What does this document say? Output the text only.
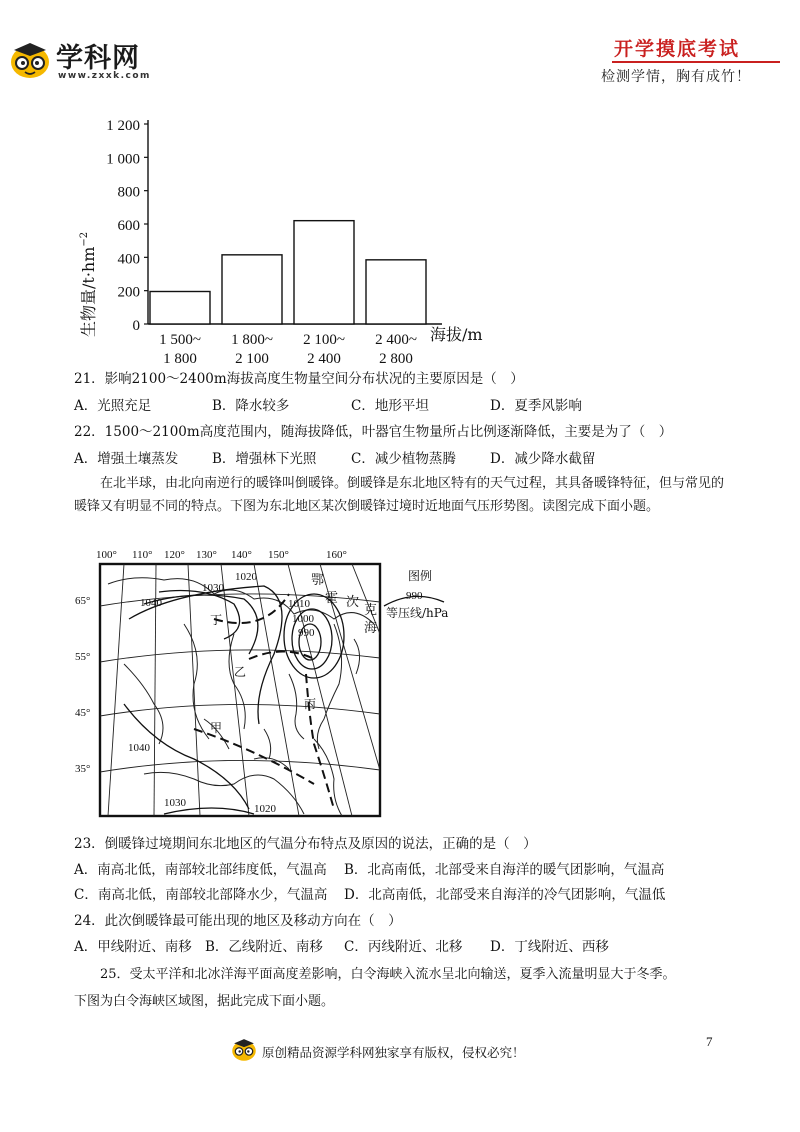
学科网
www.zxxk.com
开学摸底考试
检测学情，胸有成竹！
0
200
400
600
800
1 000
1 200
1 500~
1 800
1 800~
2 100
2 100~
2 400
2 400~
2 800
生物量$/t\cdot hm^{-2}$
海拔/m
21．影响2100～2400m海拔高度生物量空间分布状况的主要原因是（　）
A．光照充足	B．降水较多	C．地形平坦	D．夏季风影响
22．1500～2100m高度范围内，随海拔降低，叶器官生物量所占比例逐渐降低，主要是为了（　）
A．增强土壤蒸发	B．增强林下光照	C．减少植物蒸腾	D．减少降水截留
在北半球，由北向南逆行的暖锋叫倒暖锋。倒暖锋是东北地区特有的天气过程，其具备暖锋特征，但与常见的暖锋又有明显不同的特点。下图为东北地区某次倒暖锋过境时近地面气压形势图。读图完成下面小题。
100° 110° 120° 130° 140° 150°	160°
65°
55°
45°
35°
1040
1030
1020
1010
1000
990
1040
1030	1020
鄂
霍 次
克
海
丁
乙
丙
甲
图例
990
等压线/hPa
23．倒暖锋过境期间东北地区的气温分布特点及原因的说法，正确的是（　）
A．南高北低，南部较北部纬度低，气温高 B．北高南低，北部受来自海洋的暖气团影响，气温高
C．南高北低，南部较北部降水少，气温高 D．北高南低，北部受来自海洋的冷气团影响，气温低
24．此次倒暖锋最可能出现的地区及移动方向在（　）
A．甲线附近、南移 B．乙线附近、南移 C．丙线附近、北移 D．丁线附近、西移
25．受太平洋和北冰洋海平面高度差影响，白令海峡入流水呈北向输送，夏季入流量明显大于冬季。
下图为白令海峡区域图，据此完成下面小题。
7
原创精品资源学科网独家享有版权，侵权必究！
